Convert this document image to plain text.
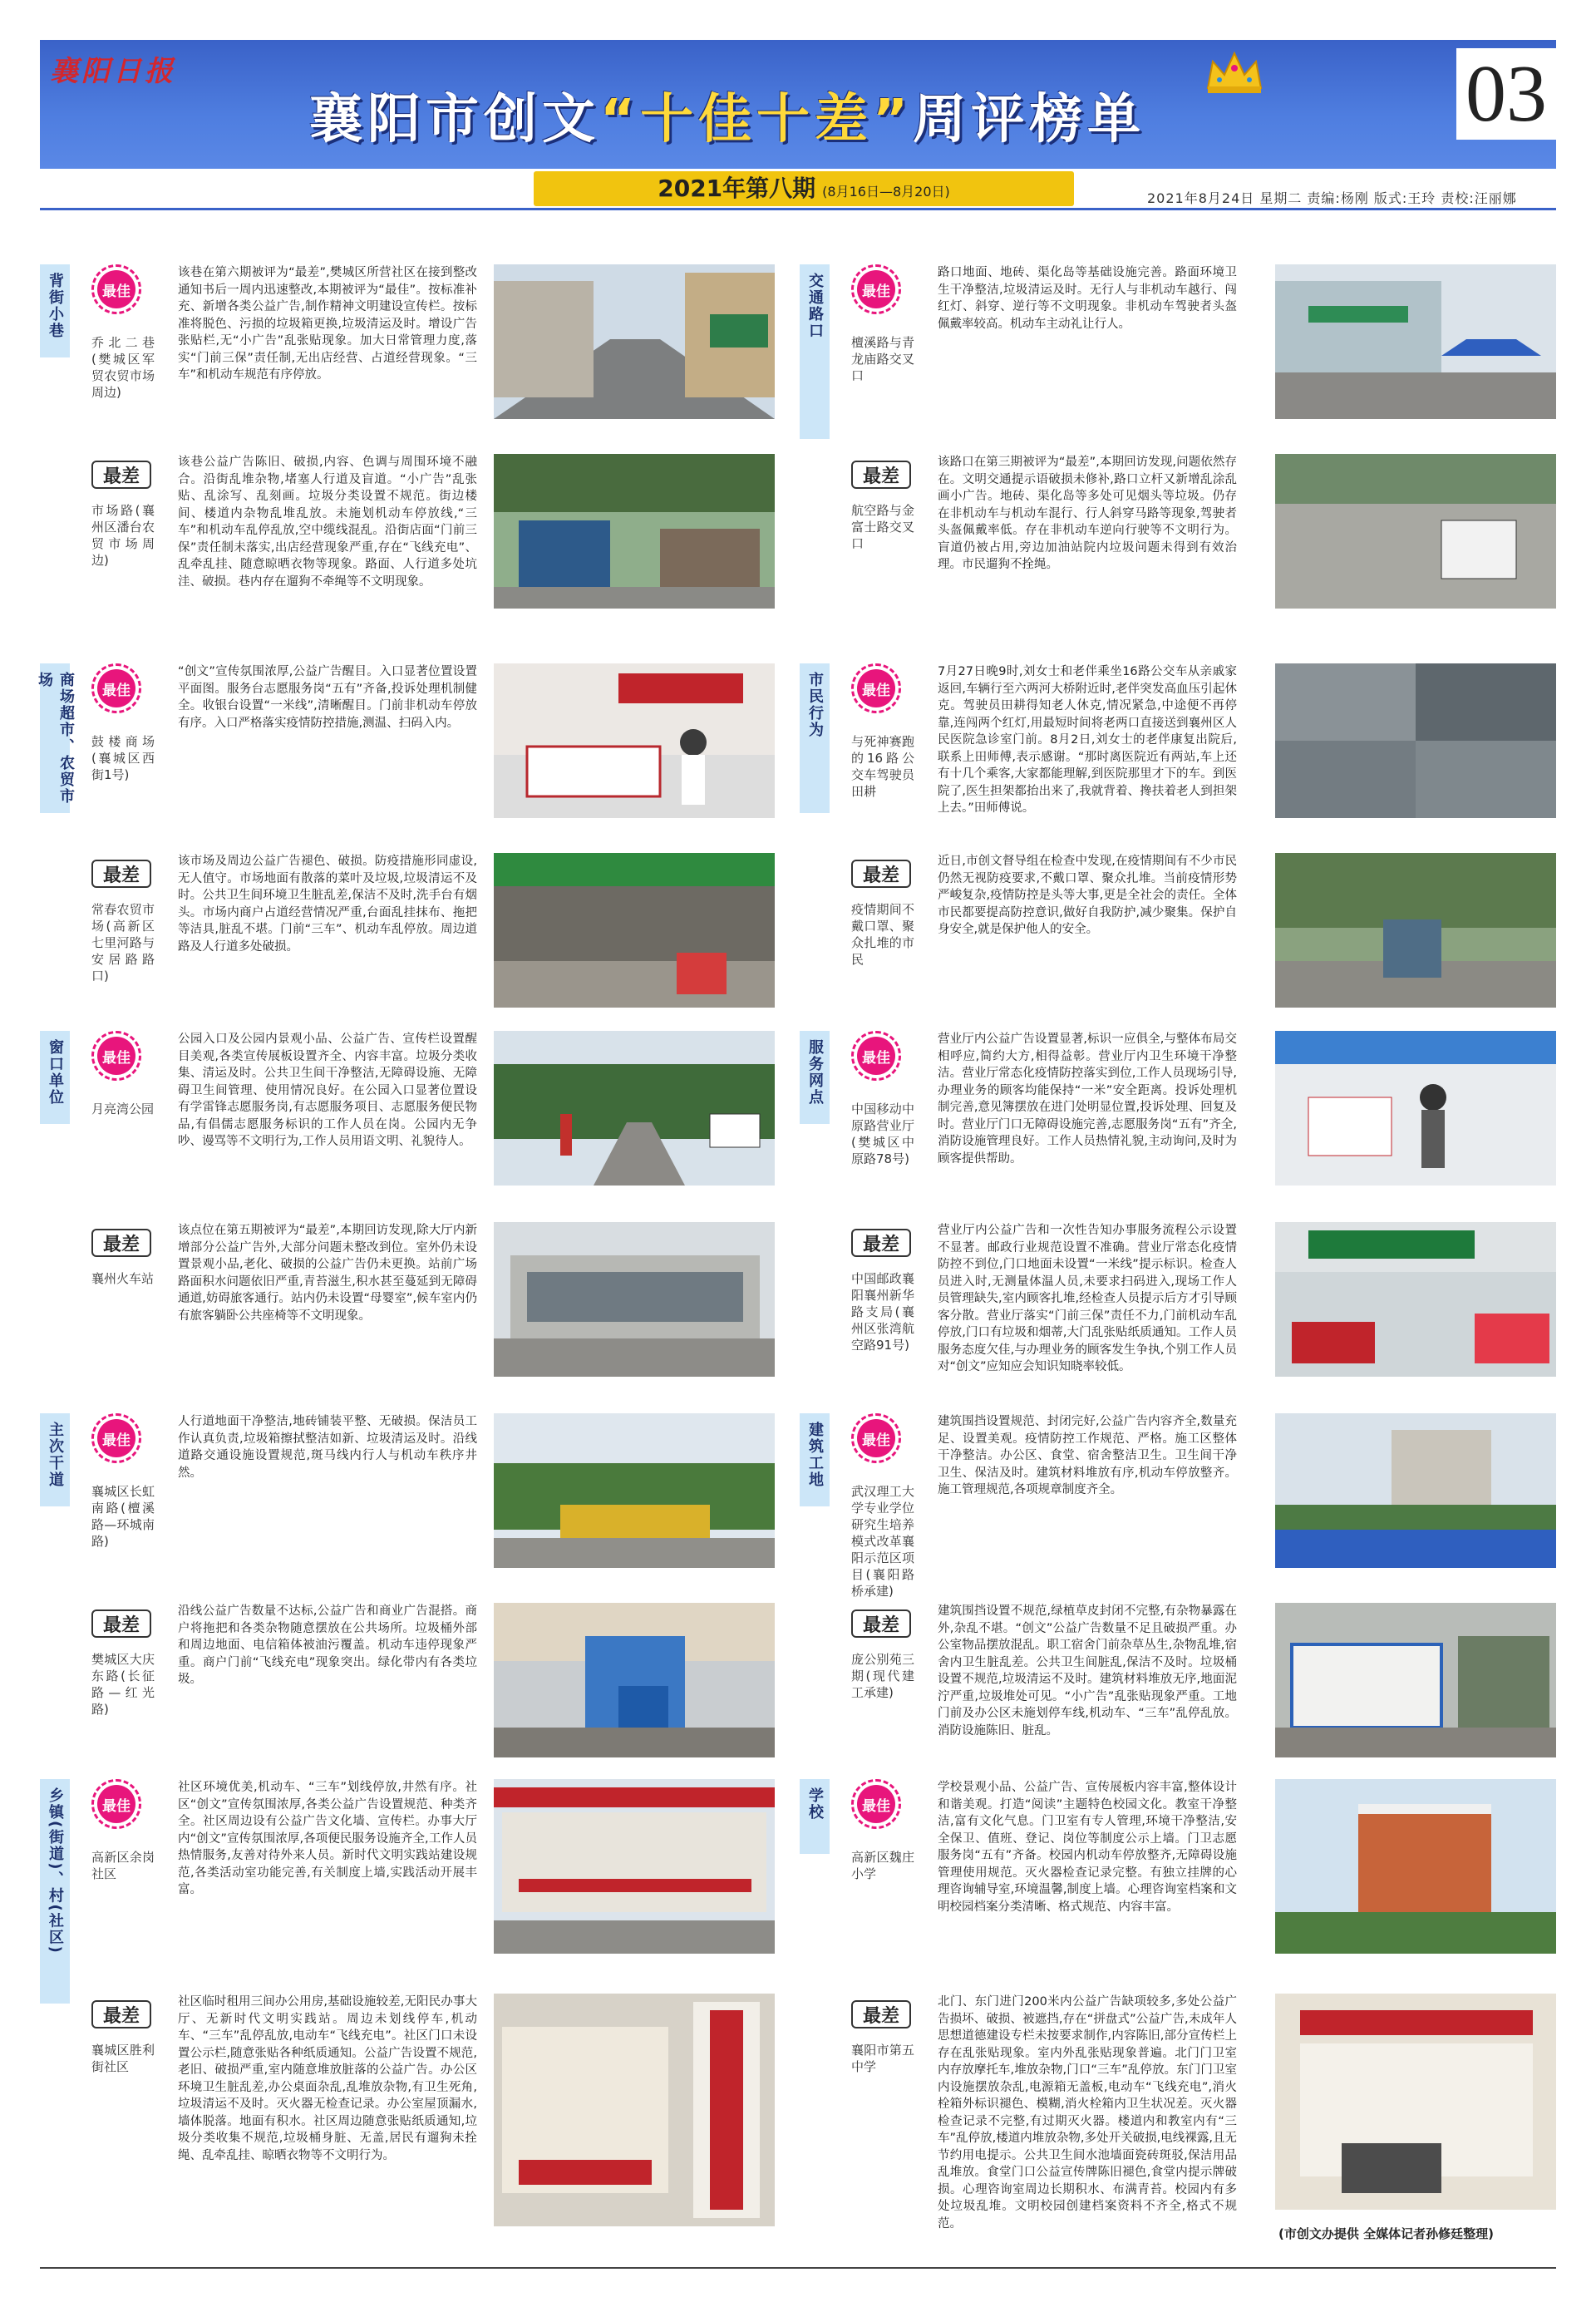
襄阳日报
襄阳市创文“十佳十差”周评榜单	03
2021年第八期 (8月16日—8月20日)	2021年8月24日 星期二 责编:杨刚 版式:王玲 责校:汪丽娜
背街小巷
商场超市、农贸市场
窗口单位
主次干道
乡镇(街道)、村(社区)
交通路口
市民行为
服务网点
建筑工地
学校
最佳
乔北二巷(樊城区军贸农贸市场周边)
该巷在第六期被评为“最差”,樊城区所营社区在接到整改通知书后一周内迅速整改,本期被评为“最佳”。按标准补充、新增各类公益广告,制作精神文明建设宣传栏。按标准将脱色、污损的垃圾箱更换,垃圾清运及时。增设广告张贴栏,无“小广告”乱张贴现象。加大日常管理力度,落实“门前三保”责任制,无出店经营、占道经营现象。“三车”和机动车规范有序停放。
最差
市场路(襄州区潘台农贸市场周边)
该巷公益广告陈旧、破损,内容、色调与周围环境不融合。沿街乱堆杂物,堵塞人行道及盲道。“小广告”乱张贴、乱涂写、乱刻画。垃圾分类设置不规范。街边楼间、楼道内杂物乱堆乱放。未施划机动车停放线,“三车”和机动车乱停乱放,空中缆线混乱。沿街店面“门前三保”责任制未落实,出店经营现象严重,存在“飞线充电”、乱牵乱挂、随意晾晒衣物等现象。路面、人行道多处坑洼、破损。巷内存在遛狗不牵绳等不文明现象。
最佳
鼓楼商场(襄城区西街1号)
“创文”宣传氛围浓厚,公益广告醒目。入口显著位置设置平面图。服务台志愿服务岗“五有”齐备,投诉处理机制健全。收银台设置“一米线”,清晰醒目。门前非机动车停放有序。入口严格落实疫情防控措施,测温、扫码入内。
最差
常春农贸市场(高新区七里河路与安居路路口)
该市场及周边公益广告褪色、破损。防疫措施形同虚设,无人值守。市场地面有散落的菜叶及垃圾,垃圾清运不及时。公共卫生间环境卫生脏乱差,保洁不及时,洗手台有烟头。市场内商户占道经营情况严重,台面乱挂抹布、拖把等洁具,脏乱不堪。门前“三车”、机动车乱停放。周边道路及人行道多处破损。
最佳
月亮湾公园
公园入口及公园内景观小品、公益广告、宣传栏设置醒目美观,各类宣传展板设置齐全、内容丰富。垃圾分类收集、清运及时。公共卫生间干净整洁,无障碍设施、无障碍卫生间管理、使用情况良好。在公园入口显著位置设有学雷锋志愿服务岗,有志愿服务项目、志愿服务便民物品,有倡儒志愿服务标识的工作人员在岗。公园内无争吵、谩骂等不文明行为,工作人员用语文明、礼貌待人。
最差
襄州火车站
该点位在第五期被评为“最差”,本期回访发现,除大厅内新增部分公益广告外,大部分问题未整改到位。室外仍未设置景观小品,老化、破损的公益广告仍未更换。站前广场路面积水问题依旧严重,青苔滋生,积水甚至蔓延到无障碍通道,妨碍旅客通行。站内仍未设置“母婴室”,候车室内仍有旅客躺卧公共座椅等不文明现象。
最佳
襄城区长虹南路(檀溪路—环城南路)
人行道地面干净整洁,地砖铺装平整、无破损。保洁员工作认真负责,垃圾箱擦拭整洁如新、垃圾清运及时。沿线道路交通设施设置规范,斑马线内行人与机动车秩序井然。
最差
樊城区大庆东路(长征路—红光路)
沿线公益广告数量不达标,公益广告和商业广告混搭。商户将拖把和各类杂物随意摆放在公共场所。垃圾桶外部和周边地面、电信箱体被油污覆盖。机动车违停现象严重。商户门前“飞线充电”现象突出。绿化带内有各类垃圾。
最佳
高新区余岗社区
社区环境优美,机动车、“三车”划线停放,井然有序。社区“创文”宣传氛围浓厚,各类公益广告设置规范、种类齐全。社区周边设有公益广告文化墙、宣传栏。办事大厅内“创文”宣传氛围浓厚,各项便民服务设施齐全,工作人员热情服务,友善对待外来人员。新时代文明实践站建设规范,各类活动室功能完善,有关制度上墙,实践活动开展丰富。
最差
襄城区胜利街社区
社区临时租用三间办公用房,基础设施较差,无阳民办事大厅、无新时代文明实践站。周边未划线停车,机动车、“三车”乱停乱放,电动车“飞线充电”。社区门口未设置公示栏,随意张贴各种纸质通知。公益广告设置不规范,老旧、破损严重,室内随意堆放脏落的公益广告。办公区环境卫生脏乱差,办公桌面杂乱,乱堆放杂物,有卫生死角,垃圾清运不及时。灭火器无检查记录。办公室屋顶漏水,墙体脱落。地面有积水。社区周边随意张贴纸质通知,垃圾分类收集不规范,垃圾桶身脏、无盖,居民有遛狗未拴绳、乱牵乱挂、晾晒衣物等不文明行为。
最佳
檀溪路与青龙庙路交叉口
路口地面、地砖、渠化岛等基础设施完善。路面环境卫生干净整洁,垃圾清运及时。无行人与非机动车越行、闯红灯、斜穿、逆行等不文明现象。非机动车驾驶者头盔佩戴率较高。机动车主动礼让行人。
最差
航空路与金富士路交叉口
该路口在第三期被评为“最差”,本期回访发现,问题依然存在。文明交通提示语破损未修补,路口立杆又新增乱涂乱画小广告。地砖、渠化岛等多处可见烟头等垃圾。仍存在非机动车与机动车混行、行人斜穿马路等现象,驾驶者头盔佩戴率低。存在非机动车逆向行驶等不文明行为。盲道仍被占用,旁边加油站院内垃圾问题未得到有效治理。市民遛狗不拴绳。
最佳
与死神赛跑的16路公交车驾驶员田耕
7月27日晚9时,刘女士和老伴乘坐16路公交车从亲戚家返回,车辆行至六两河大桥附近时,老伴突发高血压引起休克。驾驶员田耕得知老人休克,情况紧急,中途便不再停靠,连闯两个红灯,用最短时间将老两口直接送到襄州区人民医院急诊室门前。8月2日,刘女士的老伴康复出院后,联系上田师傅,表示感谢。“那时离医院近有两站,车上还有十几个乘客,大家都能理解,到医院那里才下的车。到医院了,医生担架都抬出来了,我就背着、搀扶着老人到担架上去。”田师傅说。
最差
疫情期间不戴口罩、聚众扎堆的市民
近日,市创文督导组在检查中发现,在疫情期间有不少市民仍然无视防疫要求,不戴口罩、聚众扎堆。当前疫情形势严峻复杂,疫情防控是头等大事,更是全社会的责任。全体市民都要提高防控意识,做好自我防护,减少聚集。保护自身安全,就是保护他人的安全。
最佳
中国移动中原路营业厅(樊城区中原路78号)
营业厅内公益广告设置显著,标识一应俱全,与整体布局交相呼应,简约大方,相得益彰。营业厅内卫生环境干净整洁。营业厅常态化疫情防控落实到位,工作人员现场引导,办理业务的顾客均能保持“一米”安全距离。投诉处理机制完善,意见簿摆放在进门处明显位置,投诉处理、回复及时。营业厅门口无障碍设施完善,志愿服务岗“五有”齐全,消防设施管理良好。工作人员热情礼貌,主动询问,及时为顾客提供帮助。
最差
中国邮政襄阳襄州新华路支局(襄州区张湾航空路91号)
营业厅内公益广告和一次性告知办事服务流程公示设置不显著。邮政行业规范设置不准确。营业厅常态化疫情防控不到位,门口地面未设置“一米线”提示标识。检查人员进入时,无测量体温人员,未要求扫码进入,现场工作人员管理缺失,室内顾客扎堆,经检查人员提示后方才引导顾客分散。营业厅落实“门前三保”责任不力,门前机动车乱停放,门口有垃圾和烟蒂,大门乱张贴纸质通知。工作人员服务态度欠佳,与办理业务的顾客发生争执,个别工作人员对“创文”应知应会知识知晓率较低。
最佳
武汉理工大学专业学位研究生培养模式改革襄阳示范区项目(襄阳路桥承建)
建筑围挡设置规范、封闭完好,公益广告内容齐全,数量充足、设置美观。疫情防控工作规范、严格。施工区整体干净整洁。办公区、食堂、宿舍整洁卫生。卫生间干净卫生、保洁及时。建筑材料堆放有序,机动车停放整齐。施工管理规范,各项规章制度齐全。
最差
庞公别苑三期(现代建工承建)
建筑围挡设置不规范,绿植草皮封闭不完整,有杂物暴露在外,杂乱不堪。“创文”公益广告数量不足且破损严重。办公室物品摆放混乱。职工宿舍门前杂草丛生,杂物乱堆,宿舍内卫生脏乱差。公共卫生间脏乱,保洁不及时。垃圾桶设置不规范,垃圾清运不及时。建筑材料堆放无序,地面泥泞严重,垃圾堆处可见。“小广告”乱张贴现象严重。工地门前及办公区未施划停车线,机动车、“三车”乱停乱放。消防设施陈旧、脏乱。
最佳
高新区魏庄小学
学校景观小品、公益广告、宣传展板内容丰富,整体设计和谐美观。打造“阅读”主题特色校园文化。教室干净整洁,富有文化气息。门卫室有专人管理,环境干净整洁,安全保卫、值班、登记、岗位等制度公示上墙。门卫志愿服务岗“五有”齐备。校园内机动车停放整齐,无障碍设施管理使用规范。灭火器检查记录完整。有独立挂牌的心理咨询辅导室,环境温馨,制度上墙。心理咨询室档案和文明校园档案分类清晰、格式规范、内容丰富。
最差
襄阳市第五中学
北门、东门进门200米内公益广告缺项较多,多处公益广告损坏、破损、被遮挡,存在“拼盘式”公益广告,未成年人思想道德建设专栏未按要求制作,内容陈旧,部分宣传栏上存在乱张贴现象。室内外乱张贴现象普遍。北门门卫室内存放摩托车,堆放杂物,门口“三车”乱停放。东门门卫室内设施摆放杂乱,电源箱无盖板,电动车“飞线充电”,消火栓箱外标识褪色、模糊,消火栓箱内卫生状况差。灭火器检查记录不完整,有过期灭火器。楼道内和教室内有“三车”乱停放,楼道内堆放杂物,多处开关破损,电线裸露,且无节约用电提示。公共卫生间水池墙面瓷砖斑驳,保洁用品乱堆放。食堂门口公益宣传牌陈旧褪色,食堂内提示牌破损。心理咨询室周边长期积水、布满青苔。校园内有多处垃圾乱堆。文明校园创建档案资料不齐全,格式不规范。
(市创文办提供 全媒体记者孙修廷整理)
